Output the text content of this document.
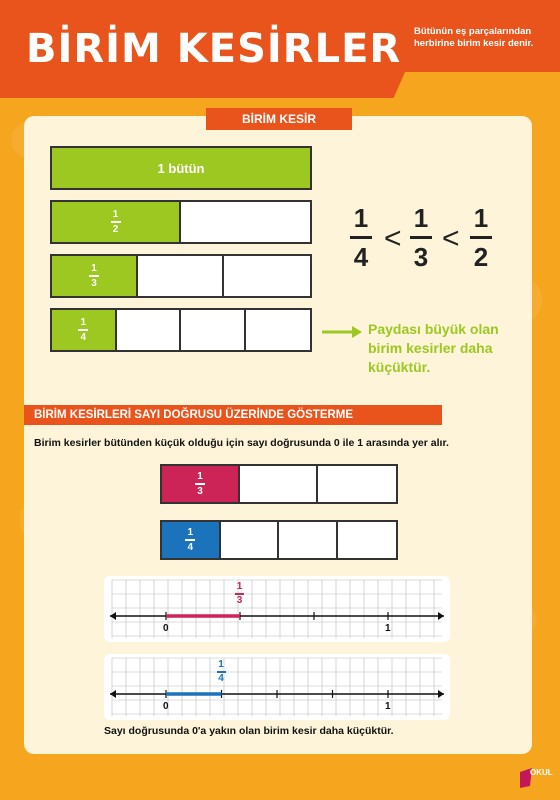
BİRİM KESİRLER Bütünün eş parçalarından herbirine birim kesir denir.
BİRİM KESİR
1 bütün
$\frac{1}{2}$
$\frac{1}{3}$
$\frac{1}{4}$
1
4
<
1
3
<
1
2
Paydası büyük olan birim kesirler daha küçüktür.
BİRİM KESİRLERİ SAYI DOĞRUSU ÜZERİNDE GÖSTERME
Birim kesirler bütünden küçük olduğu için sayı doğrusunda 0 ile 1 arasında yer alır.
$\frac{1}{3}$
$\frac{1}{4}$
0	1
1
3
0	1
1
4
Sayı doğrusunda 0'a yakın olan birim kesir daha küçüktür.
OKUL
